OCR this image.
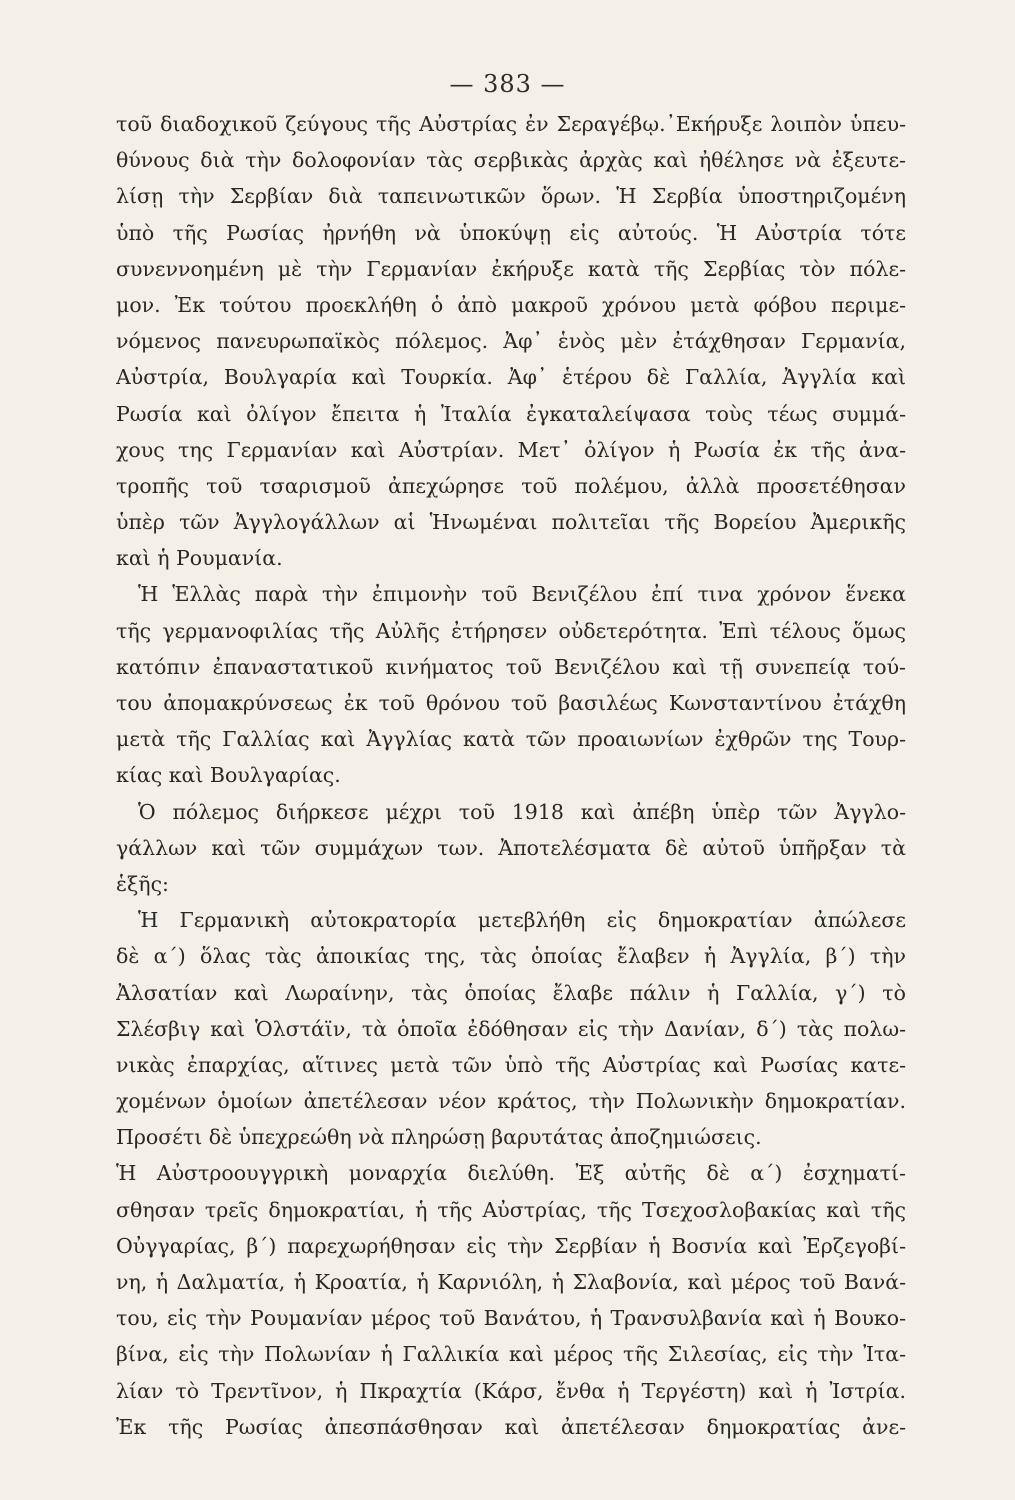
— 383 —
τοῦ διαδοχικοῦ ζεύγους τῆς Αὐστρίας ἐν Σεραγέβῳ.᾿Εκήρυξε λοιπὸν ὑπευ-
θύνους διὰ τὴν δολοφονίαν τὰς σερβικὰς ἀρχὰς καὶ ἠθέλησε νὰ ἐξευτε-
λίσῃ τὴν Σερβίαν διὰ ταπεινωτικῶν ὅρων. Ἡ Σερβία ὑποστηριζομένη
ὑπὸ τῆς Ρωσίας ἠρνήθη νὰ ὑποκύψῃ εἰς αὐτούς. Ἡ Αὐστρία τότε
συνεννοημένη μὲ τὴν Γερμανίαν ἐκήρυξε κατὰ τῆς Σερβίας τὸν πόλε-
μον. Ἐκ τούτου προεκλήθη ὁ ἀπὸ μακροῦ χρόνου μετὰ φόβου περιμε-
νόμενος πανευρωπαϊκὸς πόλεμος. Ἀφ᾿ ἑνὸς μὲν ἐτάχθησαν Γερμανία,
Αὐστρία, Βουλγαρία καὶ Τουρκία. Ἀφ᾿ ἑτέρου δὲ Γαλλία, Ἀγγλία καὶ
Ρωσία καὶ ὀλίγον ἔπειτα ἡ Ἰταλία ἐγκαταλείψασα τοὺς τέως συμμά-
χους της Γερμανίαν καὶ Αὐστρίαν. Μετ᾿ ὀλίγον ἡ Ρωσία ἐκ τῆς ἀνα-
τροπῆς τοῦ τσαρισμοῦ ἀπεχώρησε τοῦ πολέμου, ἀλλὰ προσετέθησαν
ὑπὲρ τῶν Ἀγγλογάλλων αἱ Ἡνωμέναι πολιτεῖαι τῆς Βορείου Ἀμερικῆς
καὶ ἡ Ρουμανία.
Ἡ Ἑλλὰς παρὰ τὴν ἐπιμονὴν τοῦ Βενιζέλου ἐπί τινα χρόνον ἕνεκα
τῆς γερμανοφιλίας τῆς Αὐλῆς ἐτήρησεν οὐδετερότητα. Ἐπὶ τέλους ὅμως
κατόπιν ἐπαναστατικοῦ κινήματος τοῦ Βενιζέλου καὶ τῇ συνεπείᾳ τού-
του ἀπομακρύνσεως ἐκ τοῦ θρόνου τοῦ βασιλέως Κωνσταντίνου ἐτάχθη
μετὰ τῆς Γαλλίας καὶ Ἀγγλίας κατὰ τῶν προαιωνίων ἐχθρῶν της Τουρ-
κίας καὶ Βουλγαρίας.
Ὁ πόλεμος διήρκεσε μέχρι τοῦ 1918 καὶ ἀπέβη ὑπὲρ τῶν Ἀγγλο-
γάλλων καὶ τῶν συμμάχων των. Ἀποτελέσματα δὲ αὐτοῦ ὑπῆρξαν τὰ
ἑξῆς:
Ἡ Γερμανικὴ αὐτοκρατορία μετεβλήθη εἰς δημοκρατίαν ἀπώλεσε
δὲ α΄) ὅλας τὰς ἀποικίας της, τὰς ὁποίας ἔλαβεν ἡ Ἀγγλία, β΄) τὴν
Ἀλσατίαν καὶ Λωραίνην, τὰς ὁποίας ἔλαβε πάλιν ἡ Γαλλία, γ΄) τὸ
Σλέσβιγ καὶ Ὁλστάϊν, τὰ ὁποῖα ἐδόθησαν εἰς τὴν Δανίαν, δ΄) τὰς πολω-
νικὰς ἐπαρχίας, αἵτινες μετὰ τῶν ὑπὸ τῆς Αὐστρίας καὶ Ρωσίας κατε-
χομένων ὁμοίων ἀπετέλεσαν νέον κράτος, τὴν Πολωνικὴν δημοκρατίαν.
Προσέτι δὲ ὑπεχρεώθη νὰ πληρώσῃ βαρυτάτας ἀποζημιώσεις.
Ἡ Αὐστροουγγρικὴ μοναρχία διελύθη. Ἐξ αὐτῆς δὲ α΄) ἐσχηματί-
σθησαν τρεῖς δημοκρατίαι, ἡ τῆς Αὐστρίας, τῆς Τσεχοσλοβακίας καὶ τῆς
Οὐγγαρίας, β΄) παρεχωρήθησαν εἰς τὴν Σερβίαν ἡ Βοσνία καὶ Ἐρζεγοβί-
νη, ἡ Δαλματία, ἡ Κροατία, ἡ Καρνιόλη, ἡ Σλαβονία, καὶ μέρος τοῦ Βανά-
του, εἰς τὴν Ρουμανίαν μέρος τοῦ Βανάτου, ἡ Τρανσυλβανία καὶ ἡ Βουκο-
βίνα, εἰς τὴν Πολωνίαν ἡ Γαλλικία καὶ μέρος τῆς Σιλεσίας, εἰς τὴν Ἰτα-
λίαν τὸ Τρεντῖνον, ἡ Πκραχτία (Κάρσ, ἔνθα ἡ Τεργέστη) καὶ ἡ Ἰστρία.
Ἐκ τῆς Ρωσίας ἀπεσπάσθησαν καὶ ἀπετέλεσαν δημοκρατίας ἀνε-
